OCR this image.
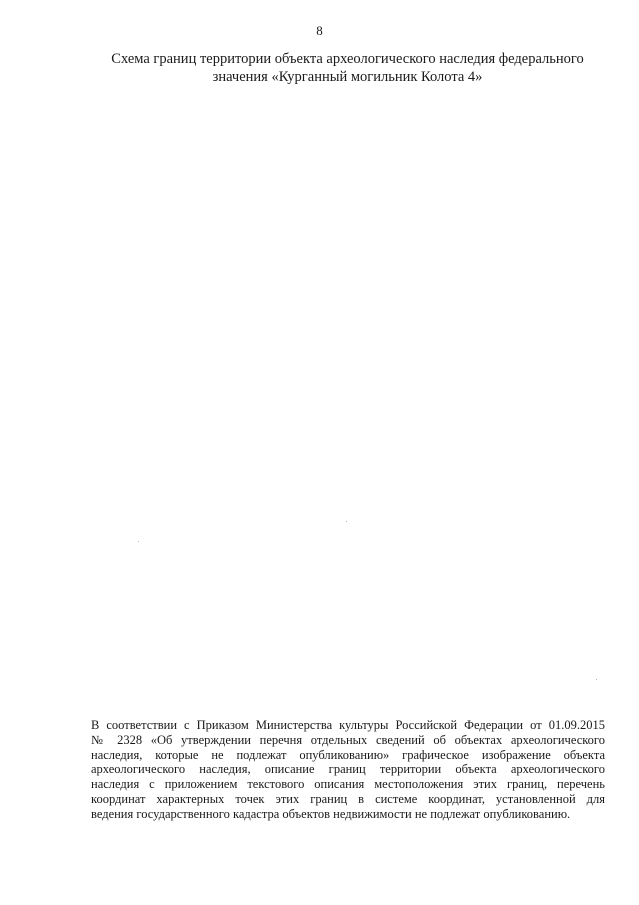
8
Схема границ территории объекта археологического наследия федерального
значения «Курганный могильник Колота 4»
В соответствии с Приказом Министерства культуры Российской Федерации от 01.09.2015
№ 2328 «Об утверждении перечня отдельных сведений об объектах археологического
наследия, которые не подлежат опубликованию» графическое изображение объекта
археологического наследия, описание границ территории объекта археологического
наследия с приложением текстового описания местоположения этих границ, перечень
координат характерных точек этих границ в системе координат, установленной для
ведения государственного кадастра объектов недвижимости не подлежат опубликованию.
